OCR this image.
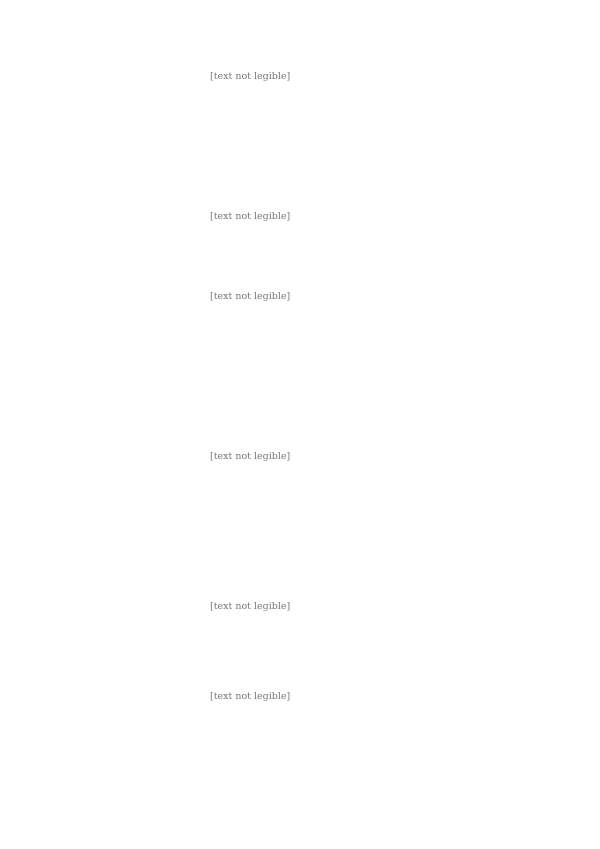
[text not legible]
[text not legible]
[text not legible]
[text not legible]
[text not legible]
[text not legible]
